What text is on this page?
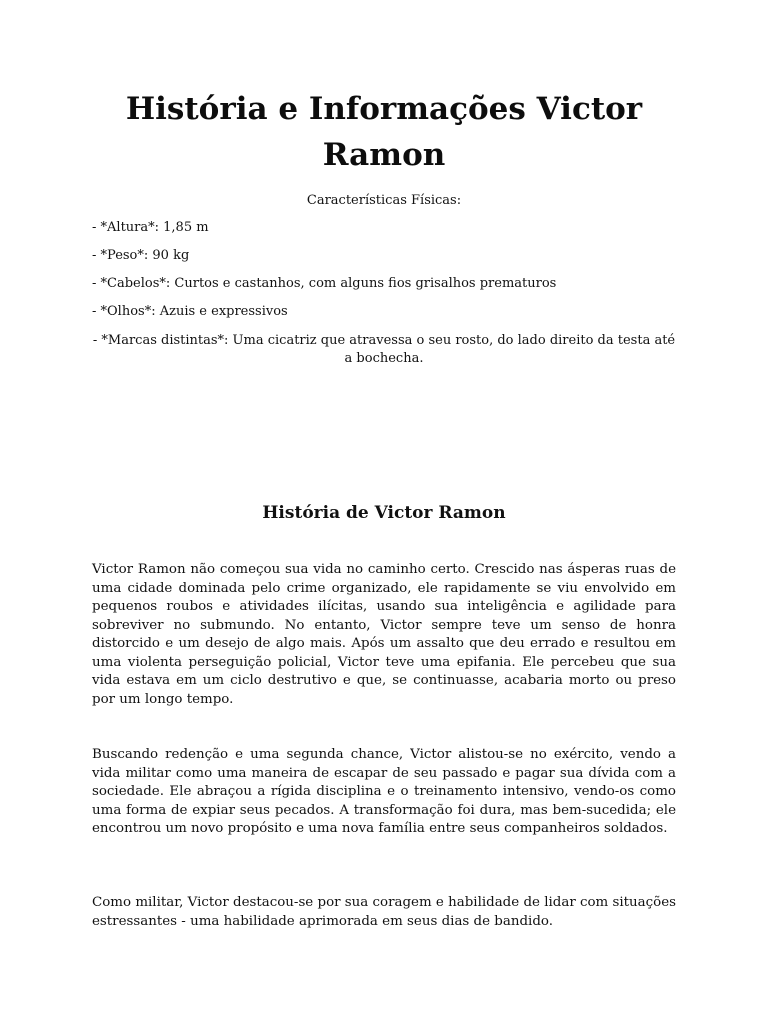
História e Informações Victor Ramon
Características Físicas:
- *Altura*: 1,85 m
- *Peso*: 90 kg
- *Cabelos*: Curtos e castanhos, com alguns fios grisalhos prematuros
- *Olhos*: Azuis e expressivos
- *Marcas distintas*: Uma cicatriz que atravessa o seu rosto, do lado direito da testa até a bochecha.
História de Victor Ramon

Victor Ramon não começou sua vida no caminho certo. Crescido nas ásperas ruas de uma cidade dominada pelo crime organizado, ele rapidamente se viu envolvido em pequenos roubos e atividades ilícitas, usando sua inteligência e agilidade para sobreviver no submundo. No entanto, Victor sempre teve um senso de honra distorcido e um desejo de algo mais. Após um assalto que deu errado e resultou em uma violenta perseguição policial, Victor teve uma epifania. Ele percebeu que sua vida estava em um ciclo destrutivo e que, se continuasse, acabaria morto ou preso por um longo tempo.

Buscando redenção e uma segunda chance, Victor alistou-se no exército, vendo a vida militar como uma maneira de escapar de seu passado e pagar sua dívida com a sociedade. Ele abraçou a rígida disciplina e o treinamento intensivo, vendo-os como uma forma de expiar seus pecados. A transformação foi dura, mas bem-sucedida; ele encontrou um novo propósito e uma nova família entre seus companheiros soldados.

Como militar, Victor destacou-se por sua coragem e habilidade de lidar com situações estressantes - uma habilidade aprimorada em seus dias de bandido.
